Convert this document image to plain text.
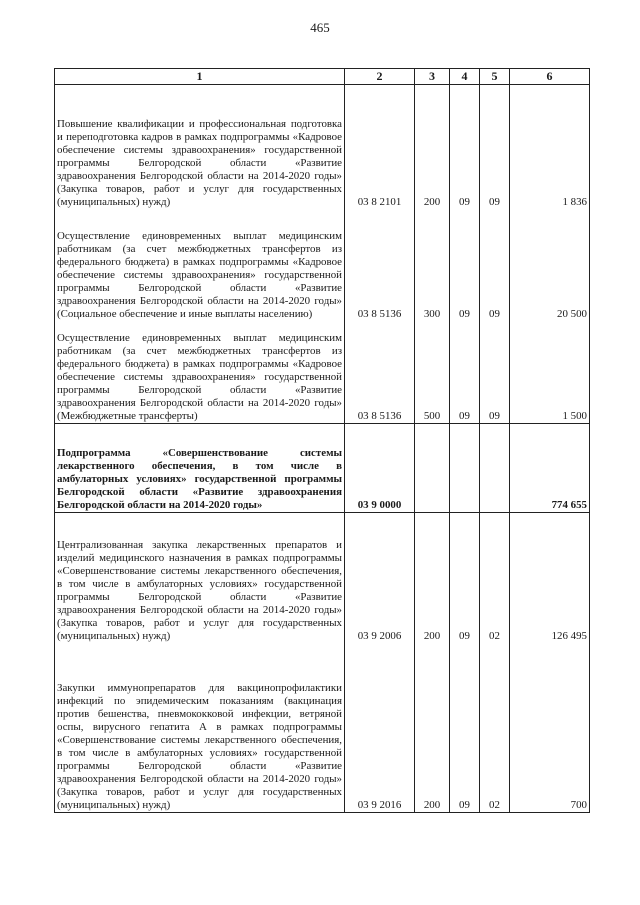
465
1	2	3	4	5	6
Повышение квалификации и профессиональная подготовка и переподготовка кадров в рамках подпрограммы «Кадровое обеспечение системы здравоохранения» государственной программы Белгородской области «Развитие здравоохранения Белгородской области на 2014-2020 годы» (Закупка товаров, работ и услуг для государственных (муниципальных) нужд)	03 8 2101	200	09	09	1 836
Осуществление единовременных выплат медицинским работникам (за счет межбюджетных трансфертов из федерального бюджета) в рамках подпрограммы «Кадровое обеспечение системы здравоохранения» государственной программы Белгородской области «Развитие здравоохранения Белгородской области на 2014-2020 годы» (Социальное обеспечение и иные выплаты населению)	03 8 5136	300	09	09	20 500
Осуществление единовременных выплат медицинским работникам (за счет межбюджетных трансфертов из федерального бюджета) в рамках подпрограммы «Кадровое обеспечение системы здравоохранения» государственной программы Белгородской области «Развитие здравоохранения Белгородской области на 2014-2020 годы» (Межбюджетные трансферты)	03 8 5136	500	09	09	1 500
Подпрограмма «Совершенствование системы лекарственного обеспечения, в том числе в амбулаторных условиях» государственной программы Белгородской области «Развитие здравоохранения Белгородской области на 2014-2020 годы»	03 9 0000				774 655
Централизованная закупка лекарственных препаратов и изделий медицинского назначения в рамках подпрограммы «Совершенствование системы лекарственного обеспечения, в том числе в амбулаторных условиях» государственной программы Белгородской области «Развитие здравоохранения Белгородской области на 2014-2020 годы» (Закупка товаров, работ и услуг для государственных (муниципальных) нужд)	03 9 2006	200	09	02	126 495
Закупки иммунопрепаратов для вакцинопрофилактики инфекций по эпидемическим показаниям (вакцинация против бешенства, пневмококковой инфекции, ветряной оспы, вирусного гепатита А в рамках подпрограммы «Совершенствование системы лекарственного обеспечения, в том числе в амбулаторных условиях» государственной программы Белгородской области «Развитие здравоохранения Белгородской области на 2014-2020 годы» (Закупка товаров, работ и услуг для государственных (муниципальных) нужд)	03 9 2016	200	09	02	700
